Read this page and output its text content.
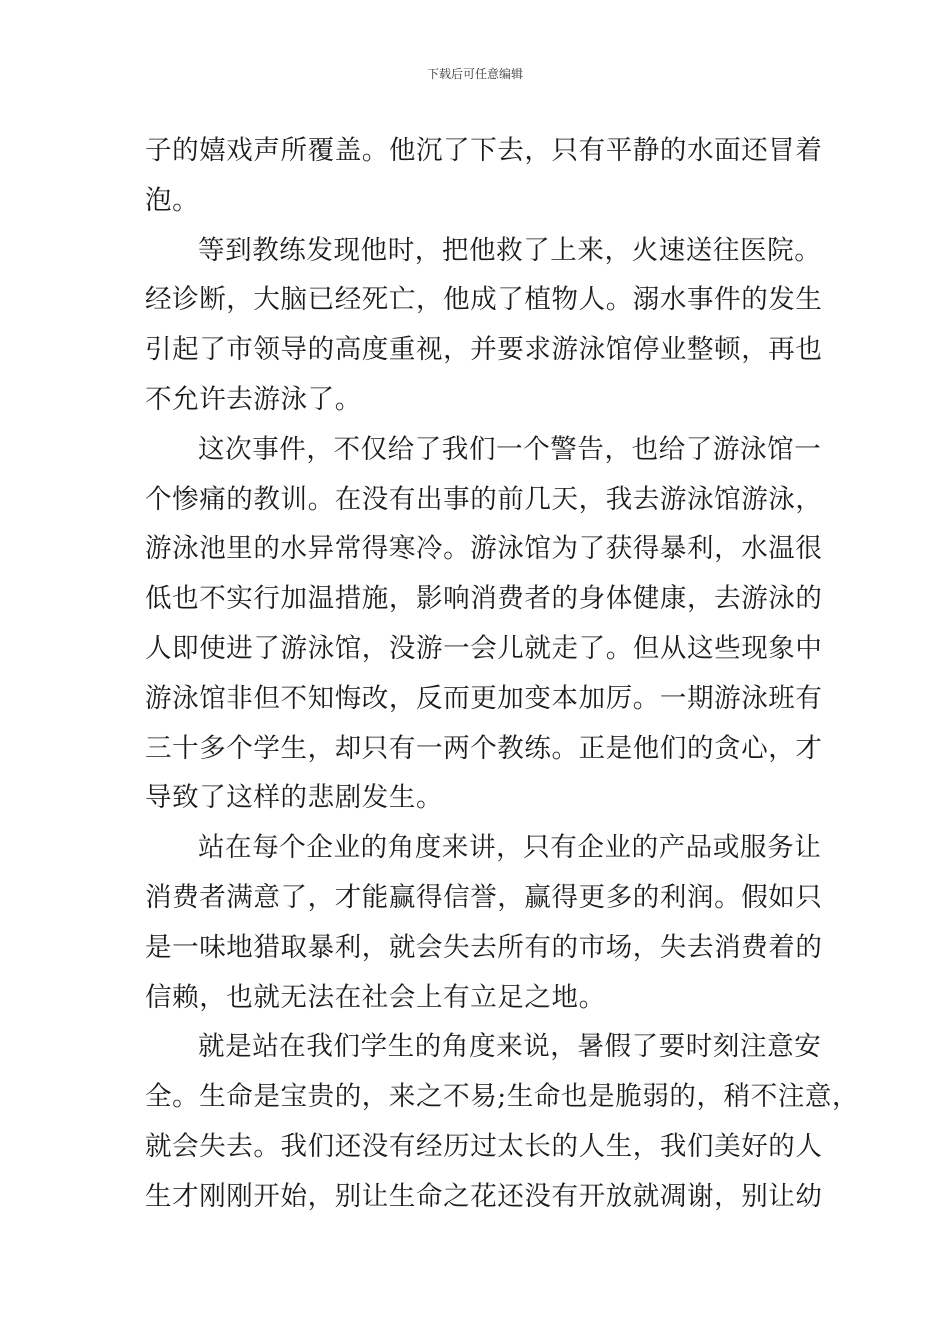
下载后可任意编辑

子的嬉戏声所覆盖。他沉了下去，只有平静的水面还冒着
泡。

等到教练发现他时，把他救了上来，火速送往医院。
经诊断，大脑已经死亡，他成了植物人。溺水事件的发生
引起了市领导的高度重视，并要求游泳馆停业整顿，再也
不允许去游泳了。

这次事件，不仅给了我们一个警告，也给了游泳馆一
个惨痛的教训。在没有出事的前几天，我去游泳馆游泳，
游泳池里的水异常得寒冷。游泳馆为了获得暴利，水温很
低也不实行加温措施，影响消费者的身体健康，去游泳的
人即使进了游泳馆，没游一会儿就走了。但从这些现象中
游泳馆非但不知悔改，反而更加变本加厉。一期游泳班有
三十多个学生，却只有一两个教练。正是他们的贪心，才
导致了这样的悲剧发生。

站在每个企业的角度来讲，只有企业的产品或服务让
消费者满意了，才能赢得信誉，赢得更多的利润。假如只
是一味地猎取暴利，就会失去所有的市场，失去消费着的
信赖，也就无法在社会上有立足之地。

就是站在我们学生的角度来说，暑假了要时刻注意安
全。生命是宝贵的，来之不易;生命也是脆弱的，稍不注意，
就会失去。我们还没有经历过太长的人生，我们美好的人
生才刚刚开始，别让生命之花还没有开放就凋谢，别让幼
